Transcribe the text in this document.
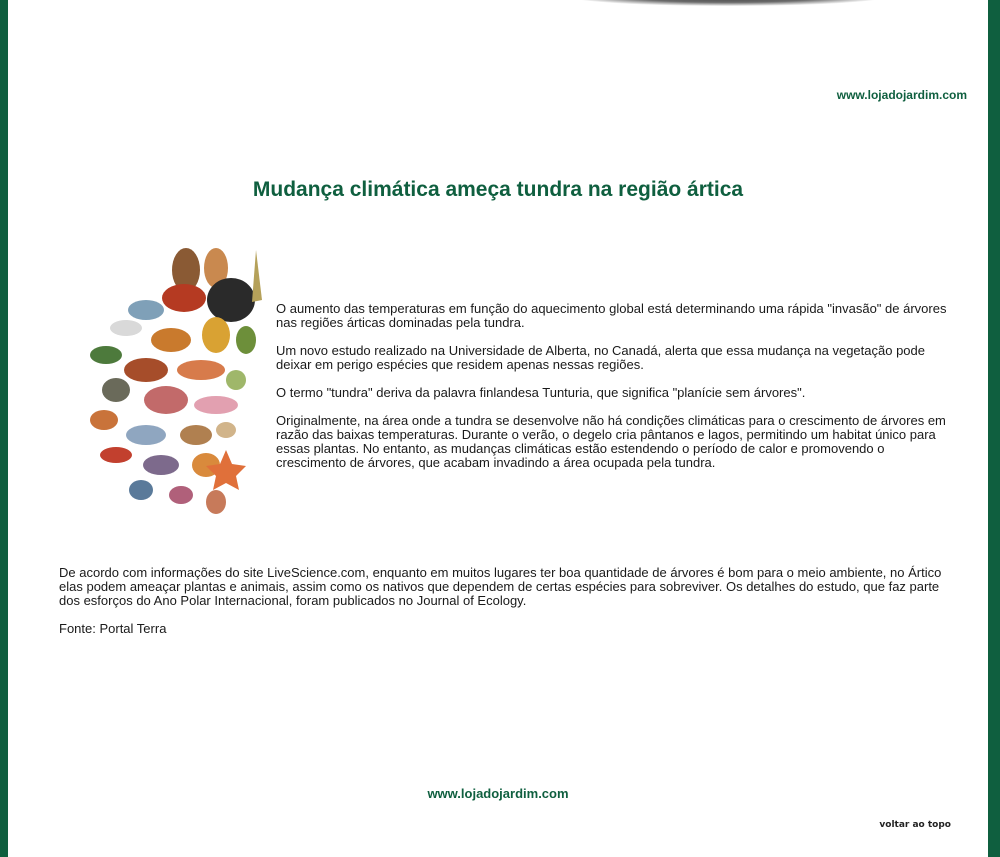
www.lojadojardim.com
Mudança climática ameça tundra na região ártica

O aumento das temperaturas em função do aquecimento global está determinando uma rápida "invasão" de árvores nas regiões árticas dominadas pela tundra.

Um novo estudo realizado na Universidade de Alberta, no Canadá, alerta que essa mudança na vegetação pode deixar em perigo espécies que residem apenas nessas regiões.

O termo "tundra" deriva da palavra finlandesa Tunturia, que significa "planície sem árvores".

Originalmente, na área onde a tundra se desenvolve não há condições climáticas para o crescimento de árvores em razão das baixas temperaturas. Durante o verão, o degelo cria pântanos e lagos, permitindo um habitat único para essas plantas. No entanto, as mudanças climáticas estão estendendo o período de calor e promovendo o crescimento de árvores, que acabam invadindo a área ocupada pela tundra.

De acordo com informações do site LiveScience.com, enquanto em muitos lugares ter boa quantidade de árvores é bom para o meio ambiente, no Ártico elas podem ameaçar plantas e animais, assim como os nativos que dependem de certas espécies para sobreviver. Os detalhes do estudo, que faz parte dos esforços do Ano Polar Internacional, foram publicados no Journal of Ecology.

Fonte: Portal Terra

www.lojadojardim.com
voltar ao topo
